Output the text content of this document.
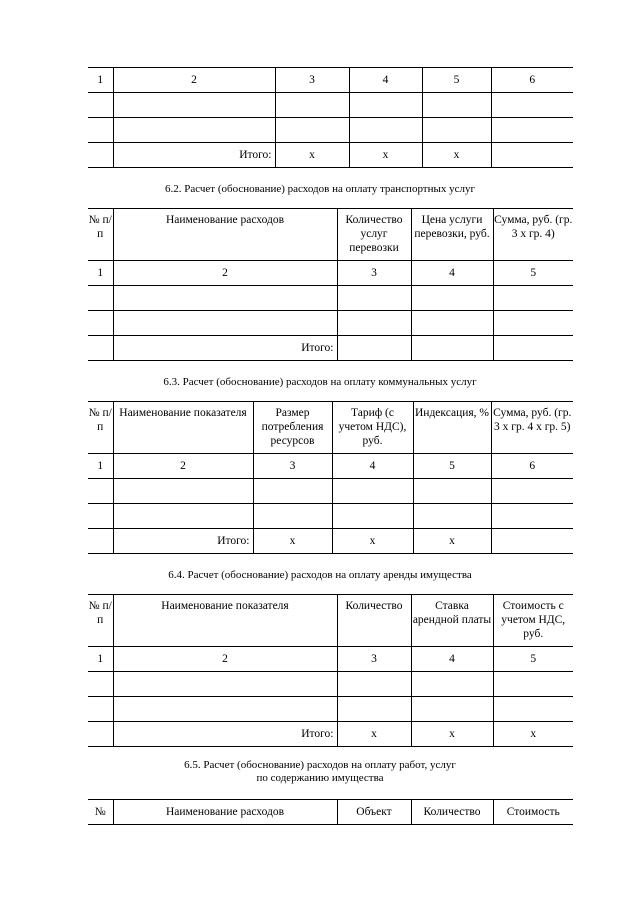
1	2	3	4	5	6

	Итого:	x	x	x	
6.2. Расчет (обоснование) расходов на оплату транспортных услуг
№ п/п	Наименование расходов	Количество услуг перевозки	Цена услуги перевозки, руб.	Сумма, руб. (гр. 3 x гр. 4)
1	2	3	4	5

	Итого:			
6.3. Расчет (обоснование) расходов на оплату коммунальных услуг
№ п/п	Наименование показателя	Размер потребления ресурсов	Тариф (с учетом НДС), руб.	Индексация, %	Сумма, руб. (гр. 3 x гр. 4 x гр. 5)
1	2	3	4	5	6

	Итого:	x	x	x	
6.4. Расчет (обоснование) расходов на оплату аренды имущества
№ п/п	Наименование показателя	Количество	Ставка арендной платы	Стоимость с учетом НДС, руб.
1	2	3	4	5

	Итого:	x	x	x
6.5. Расчет (обоснование) расходов на оплату работ, услуг
по содержанию имущества
№	Наименование расходов	Объект	Количество	Стоимость
